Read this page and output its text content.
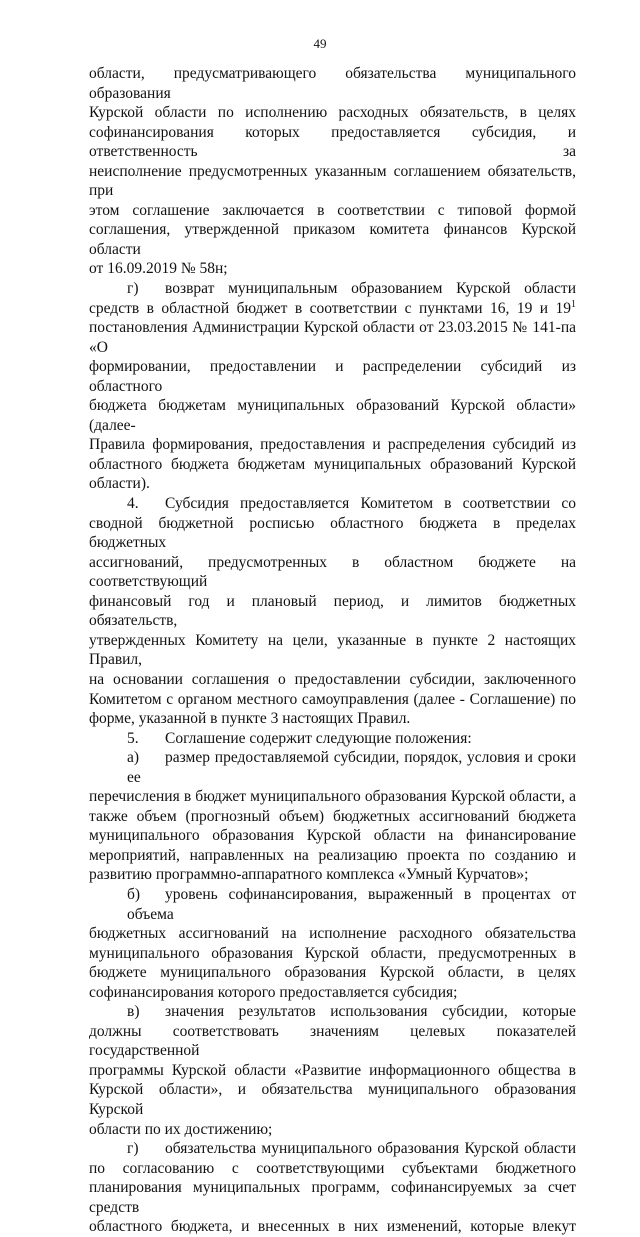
49

области, предусматривающего обязательства муниципального образования

Курской области по исполнению расходных обязательств, в целях

софинансирования которых предоставляется субсидия, и ответственность за

неисполнение предусмотренных указанным соглашением обязательств, при

этом соглашение заключается в соответствии с типовой формой

соглашения, утвержденной приказом комитета финансов Курской области

от 16.09.2019 № 58н;

г) возврат муниципальным образованием Курской области

средств в областной бюджет в соответствии с пунктами 16, 19 и $19^1$

постановления Администрации Курской области от 23.03.2015 № 141-па «О

формировании, предоставлении и распределении субсидий из областного

бюджета бюджетам муниципальных образований Курской области» (далее-

Правила формирования, предоставления и распределения субсидий из

областного бюджета бюджетам муниципальных образований Курской

области).

4. Субсидия предоставляется Комитетом в соответствии со

сводной бюджетной росписью областного бюджета в пределах бюджетных

ассигнований, предусмотренных в областном бюджете на соответствующий

финансовый год и плановый период, и лимитов бюджетных обязательств,

утвержденных Комитету на цели, указанные в пункте 2 настоящих Правил,

на основании соглашения о предоставлении субсидии, заключенного

Комитетом с органом местного самоуправления (далее - Соглашение) по

форме, указанной в пункте 3 настоящих Правил.

5. Соглашение содержит следующие положения:

а) размер предоставляемой субсидии, порядок, условия и сроки ее

перечисления в бюджет муниципального образования Курской области, а

также объем (прогнозный объем) бюджетных ассигнований бюджета

муниципального образования Курской области на финансирование

мероприятий, направленных на реализацию проекта по созданию и

развитию программно-аппаратного комплекса «Умный Курчатов»;

б) уровень софинансирования, выраженный в процентах от объема

бюджетных ассигнований на исполнение расходного обязательства

муниципального образования Курской области, предусмотренных в

бюджете муниципального образования Курской области, в целях

софинансирования которого предоставляется субсидия;

в) значения результатов использования субсидии, которые

должны соответствовать значениям целевых показателей государственной

программы Курской области «Развитие информационного общества в

Курской области», и обязательства муниципального образования Курской

области по их достижению;

г) обязательства муниципального образования Курской области

по согласованию с соответствующими субъектами бюджетного

планирования муниципальных программ, софинансируемых за счет средств

областного бюджета, и внесенных в них изменений, которые влекут
